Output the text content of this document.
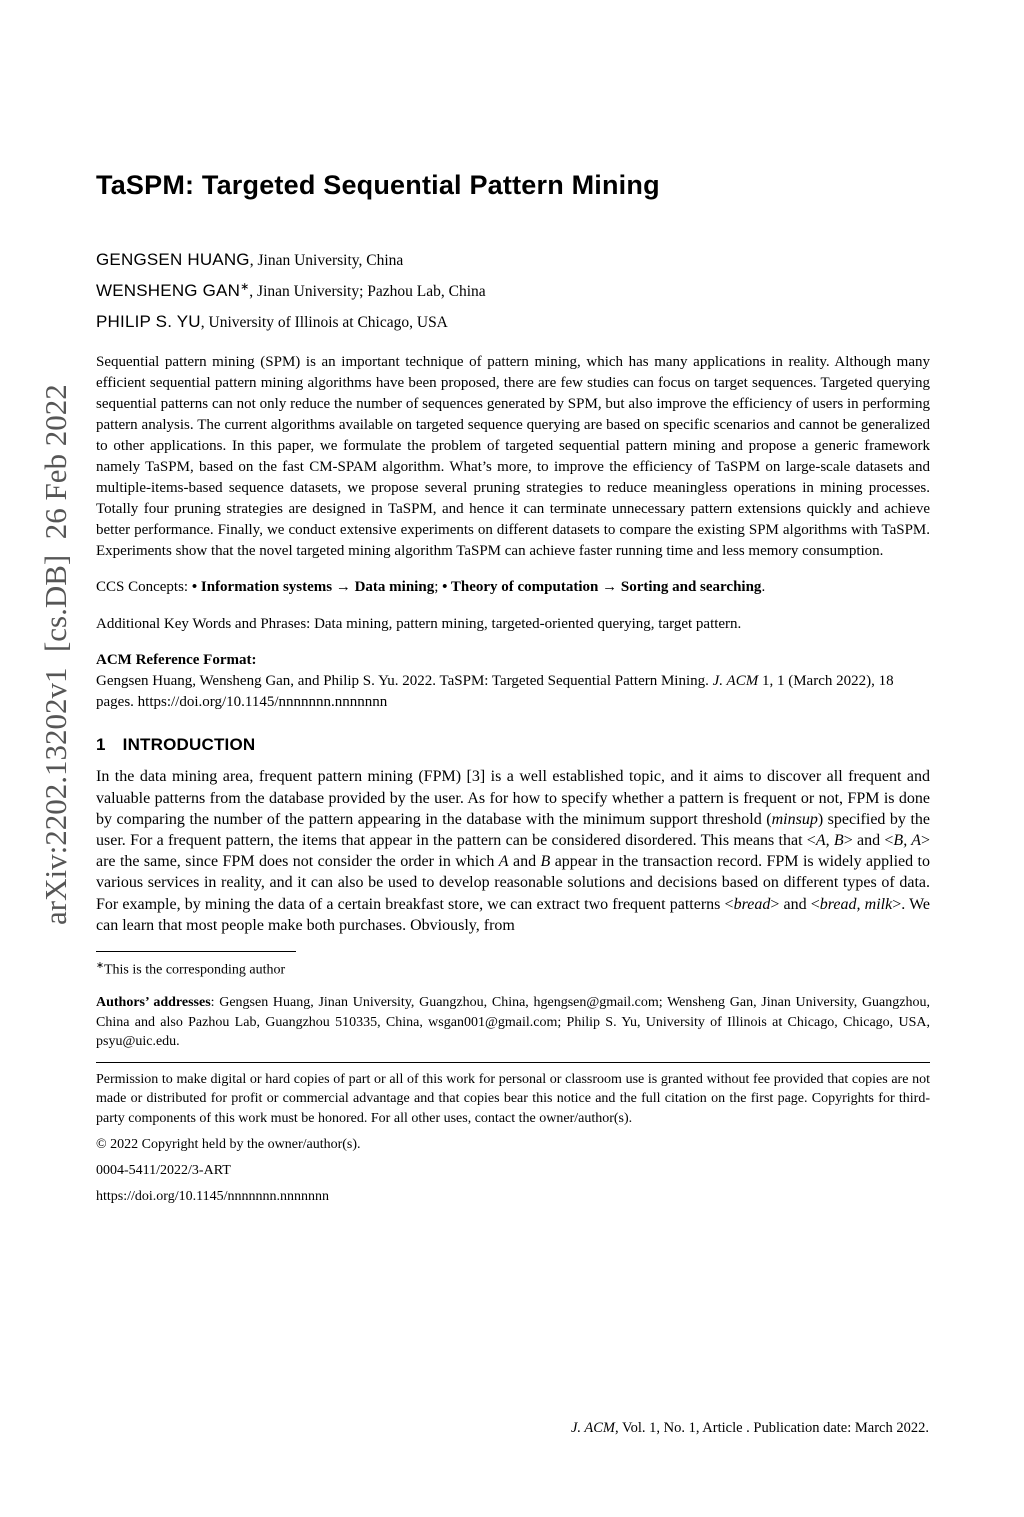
arXiv:2202.13202v1  [cs.DB]  26 Feb 2022
TaSPM: Targeted Sequential Pattern Mining
GENGSEN HUANG, Jinan University, China
WENSHENG GAN∗, Jinan University; Pazhou Lab, China
PHILIP S. YU, University of Illinois at Chicago, USA

Sequential pattern mining (SPM) is an important technique of pattern mining, which has many applications in reality. Although many efficient sequential pattern mining algorithms have been proposed, there are few studies can focus on target sequences. Targeted querying sequential patterns can not only reduce the number of sequences generated by SPM, but also improve the efficiency of users in performing pattern analysis. The current algorithms available on targeted sequence querying are based on specific scenarios and cannot be generalized to other applications. In this paper, we formulate the problem of targeted sequential pattern mining and propose a generic framework namely TaSPM, based on the fast CM-SPAM algorithm. What’s more, to improve the efficiency of TaSPM on large-scale datasets and multiple-items-based sequence datasets, we propose several pruning strategies to reduce meaningless operations in mining processes. Totally four pruning strategies are designed in TaSPM, and hence it can terminate unnecessary pattern extensions quickly and achieve better performance. Finally, we conduct extensive experiments on different datasets to compare the existing SPM algorithms with TaSPM. Experiments show that the novel targeted mining algorithm TaSPM can achieve faster running time and less memory consumption.

CCS Concepts: • Information systems → Data mining; • Theory of computation → Sorting and searching.

Additional Key Words and Phrases: Data mining, pattern mining, targeted-oriented querying, target pattern.

ACM Reference Format:

Gengsen Huang, Wensheng Gan, and Philip S. Yu. 2022. TaSPM: Targeted Sequential Pattern Mining. J. ACM 1, 1 (March 2022), 18 pages. https://doi.org/10.1145/nnnnnnn.nnnnnnn

1 INTRODUCTION

In the data mining area, frequent pattern mining (FPM) [3] is a well established topic, and it aims to discover all frequent and valuable patterns from the database provided by the user. As for how to specify whether a pattern is frequent or not, FPM is done by comparing the number of the pattern appearing in the database with the minimum support threshold (minsup) specified by the user. For a frequent pattern, the items that appear in the pattern can be considered disordered. This means that <A, B> and <B, A> are the same, since FPM does not consider the order in which A and B appear in the transaction record. FPM is widely applied to various services in reality, and it can also be used to develop reasonable solutions and decisions based on different types of data. For example, by mining the data of a certain breakfast store, we can extract two frequent patterns <bread> and <bread, milk>. We can learn that most people make both purchases. Obviously, from

∗This is the corresponding author

Authors’ addresses: Gengsen Huang, Jinan University, Guangzhou, China, hgengsen@gmail.com; Wensheng Gan, Jinan University, Guangzhou, China and also Pazhou Lab, Guangzhou 510335, China, wsgan001@gmail.com; Philip S. Yu, University of Illinois at Chicago, Chicago, USA, psyu@uic.edu.

Permission to make digital or hard copies of part or all of this work for personal or classroom use is granted without fee provided that copies are not made or distributed for profit or commercial advantage and that copies bear this notice and the full citation on the first page. Copyrights for third-party components of this work must be honored. For all other uses, contact the owner/author(s).

© 2022 Copyright held by the owner/author(s).

0004-5411/2022/3-ART

https://doi.org/10.1145/nnnnnnn.nnnnnnn

J. ACM, Vol. 1, No. 1, Article . Publication date: March 2022.
